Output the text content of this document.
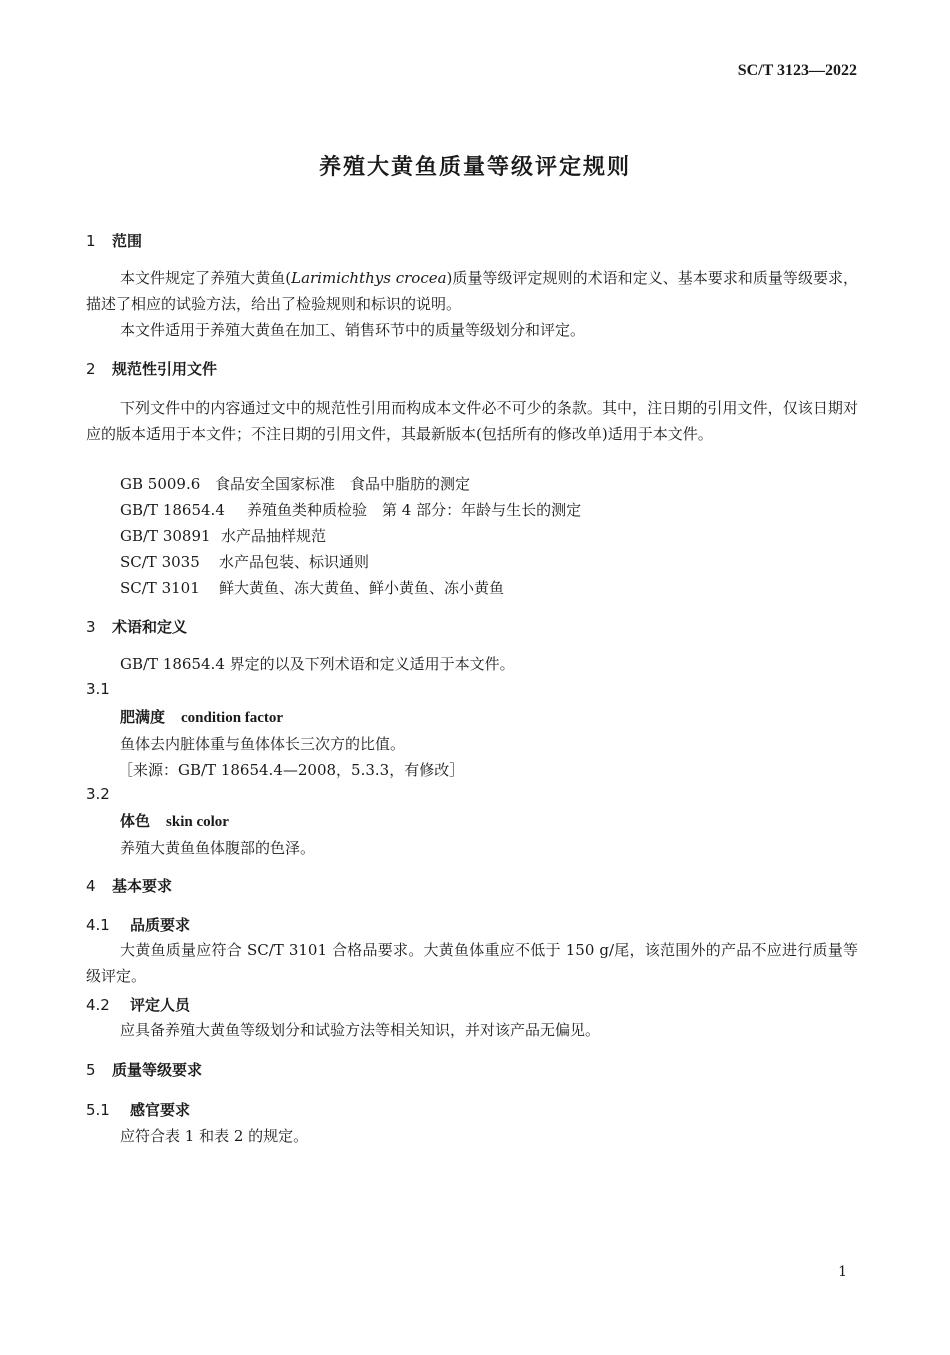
SC/T 3123—2022
养殖大黄鱼质量等级评定规则
1 范围
本文件规定了养殖大黄鱼(Larimichthys crocea)质量等级评定规则的术语和定义、基本要求和质量等级要求，描述了相应的试验方法，给出了检验规则和标识的说明。
本文件适用于养殖大黄鱼在加工、销售环节中的质量等级划分和评定。
2 规范性引用文件
下列文件中的内容通过文中的规范性引用而构成本文件必不可少的条款。其中，注日期的引用文件，仅该日期对应的版本适用于本文件；不注日期的引用文件，其最新版本(包括所有的修改单)适用于本文件。
GB 5009.6 食品安全国家标准　食品中脂肪的测定
GB/T 18654.4 养殖鱼类种质检验　第 4 部分：年龄与生长的测定
GB/T 30891 水产品抽样规范
SC/T 3035 水产品包装、标识通则
SC/T 3101 鲜大黄鱼、冻大黄鱼、鲜小黄鱼、冻小黄鱼
3 术语和定义
GB/T 18654.4 界定的以及下列术语和定义适用于本文件。
3.1
肥满度 condition factor
鱼体去内脏体重与鱼体体长三次方的比值。
［来源：GB/T 18654.4—2008，5.3.3，有修改］
3.2
体色 skin color
养殖大黄鱼鱼体腹部的色泽。
4 基本要求
4.1 品质要求
大黄鱼质量应符合 SC/T 3101 合格品要求。大黄鱼体重应不低于 150 g/尾，该范围外的产品不应进行质量等级评定。
4.2 评定人员
应具备养殖大黄鱼等级划分和试验方法等相关知识，并对该产品无偏见。
5 质量等级要求
5.1 感官要求
应符合表 1 和表 2 的规定。
1
